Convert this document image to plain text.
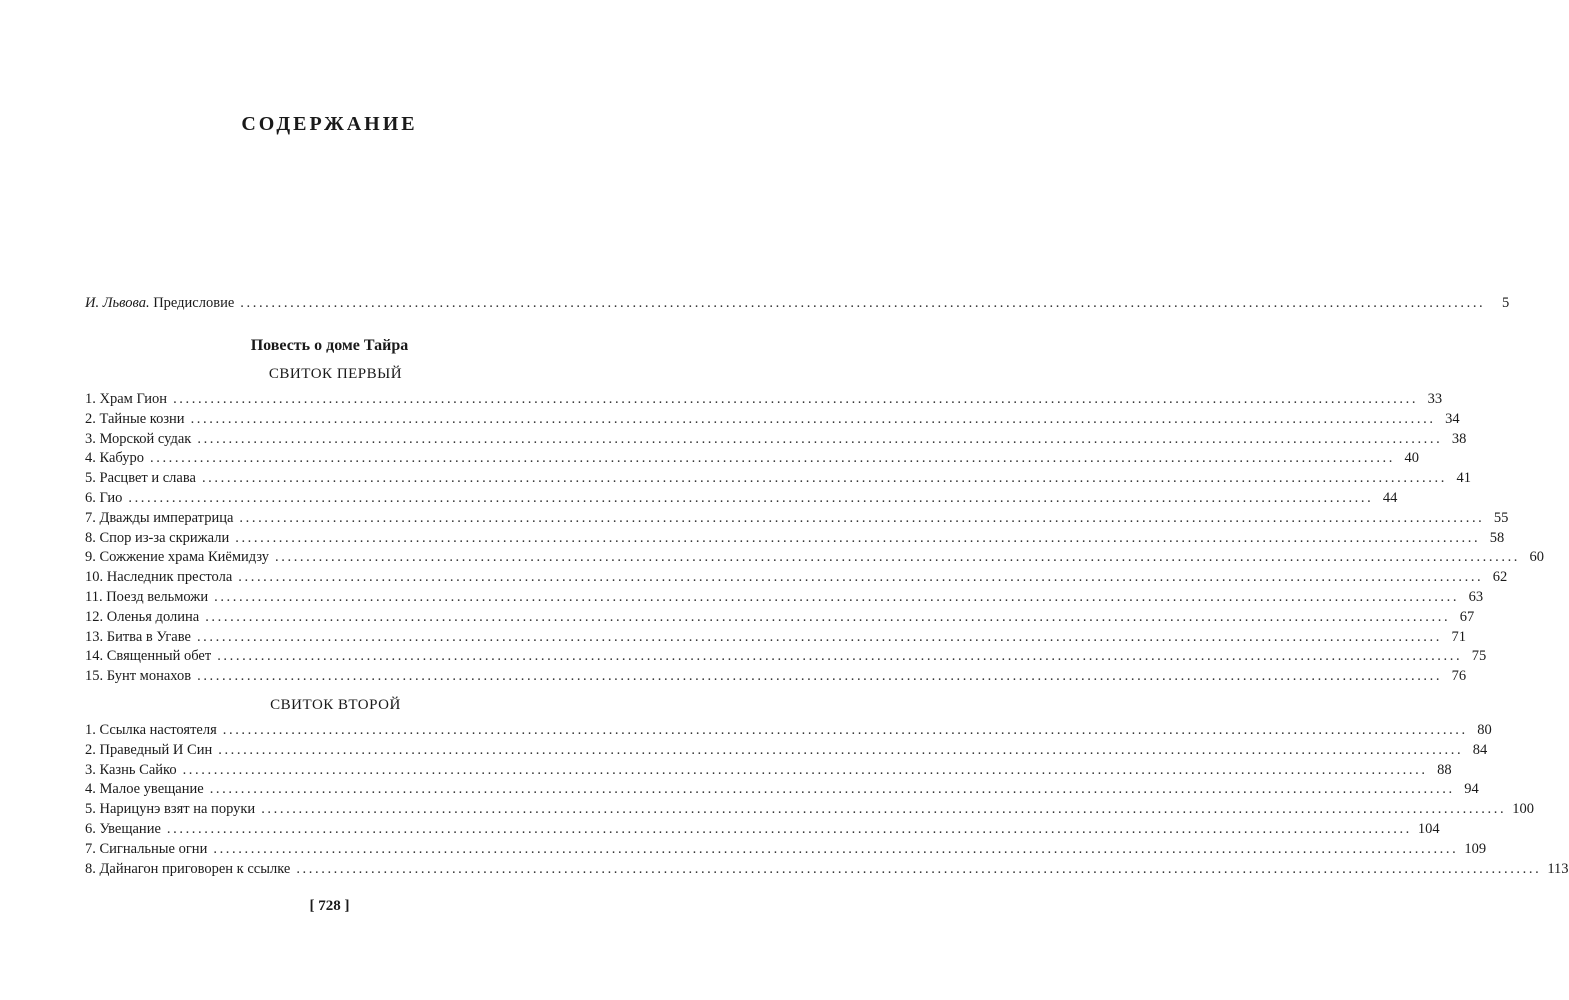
СОДЕРЖАНИЕ
И. Львова. Предисловие ........................................................................................................................................................................................................	5
Повесть о доме Тайра
СВИТОК ПЕРВЫЙ
1. Храм Гион ........................................................................................................................................................................................................ 33
2. Тайные козни ........................................................................................................................................................................................................ 34
3. Морской судак ........................................................................................................................................................................................................ 38
4. Кабуро ........................................................................................................................................................................................................ 40
5. Расцвет и слава ........................................................................................................................................................................................................ 41
6. Гио ........................................................................................................................................................................................................ 44
7. Дважды императрица ........................................................................................................................................................................................................ 55
8. Спор из-за скрижали ........................................................................................................................................................................................................ 58
9. Сожжение храма Киёмидзу ........................................................................................................................................................................................................ 60
10. Наследник престола ........................................................................................................................................................................................................ 62
11. Поезд вельможи ........................................................................................................................................................................................................ 63
12. Оленья долина ........................................................................................................................................................................................................ 67
13. Битва в Угаве ........................................................................................................................................................................................................ 71
14. Священный обет ........................................................................................................................................................................................................ 75
15. Бунт монахов ........................................................................................................................................................................................................ 76
СВИТОК ВТОРОЙ
1. Ссылка настоятеля ........................................................................................................................................................................................................ 80
2. Праведный И Син ........................................................................................................................................................................................................ 84
3. Казнь Сайко ........................................................................................................................................................................................................ 88
4. Малое увещание ........................................................................................................................................................................................................ 94
5. Нарицунэ взят на поруки ........................................................................................................................................................................................................ 100
6. Увещание ........................................................................................................................................................................................................ 104
7. Сигнальные огни ........................................................................................................................................................................................................ 109
8. Дайнагон приговорен к ссылке ........................................................................................................................................................................................................ 113
[ 728 ]
